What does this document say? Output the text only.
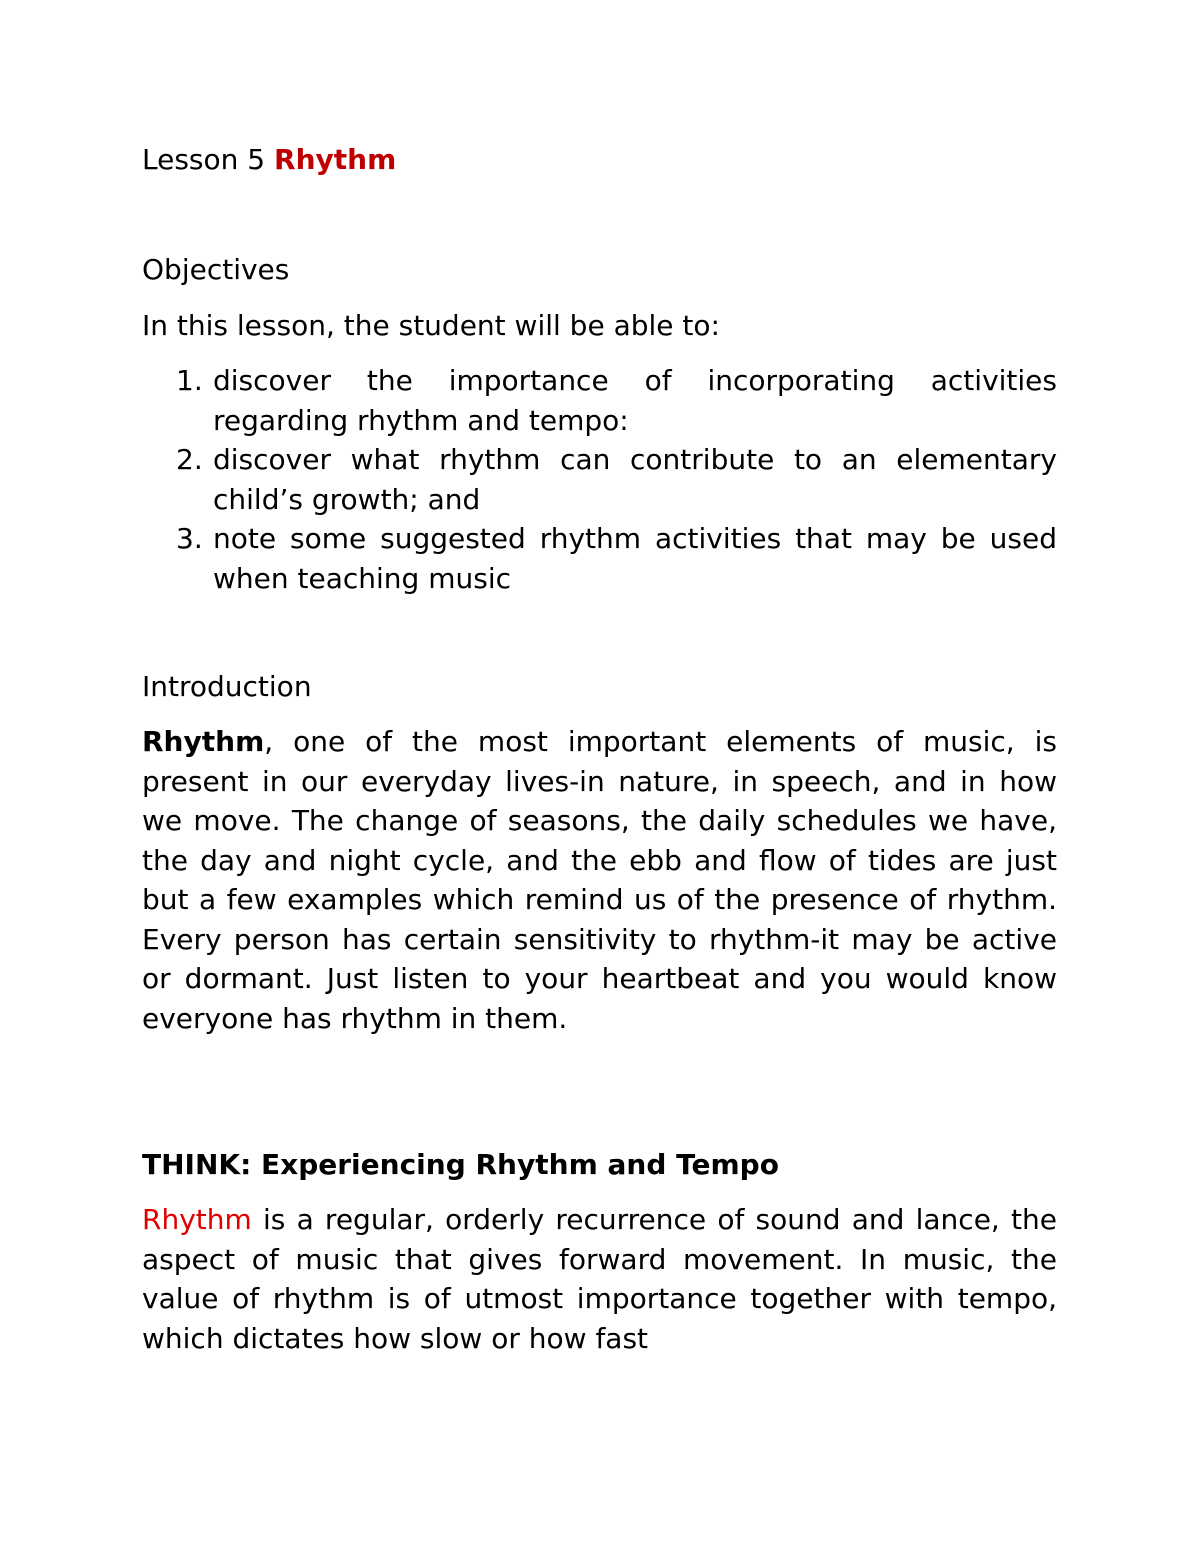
Lesson 5 Rhythm
Objectives
In this lesson, the student will be able to:
1. discover the importance of incorporating activities regarding rhythm and tempo:
2. discover what rhythm can contribute to an elementary child’s growth; and
3. note some suggested rhythm activities that may be used when teaching music
Introduction

Rhythm, one of the most important elements of music, is present in our everyday lives-in nature, in speech, and in how we move. The change of seasons, the daily schedules we have, the day and night cycle, and the ebb and flow of tides are just but a few examples which remind us of the presence of rhythm. Every person has certain sensitivity to rhythm-it may be active or dormant. Just listen to your heartbeat and you would know everyone has rhythm in them.

THINK: Experiencing Rhythm and Tempo

Rhythm is a regular, orderly recurrence of sound and lance, the aspect of music that gives forward movement. In music, the value of rhythm is of utmost importance together with tempo, which dictates how slow or how fast
